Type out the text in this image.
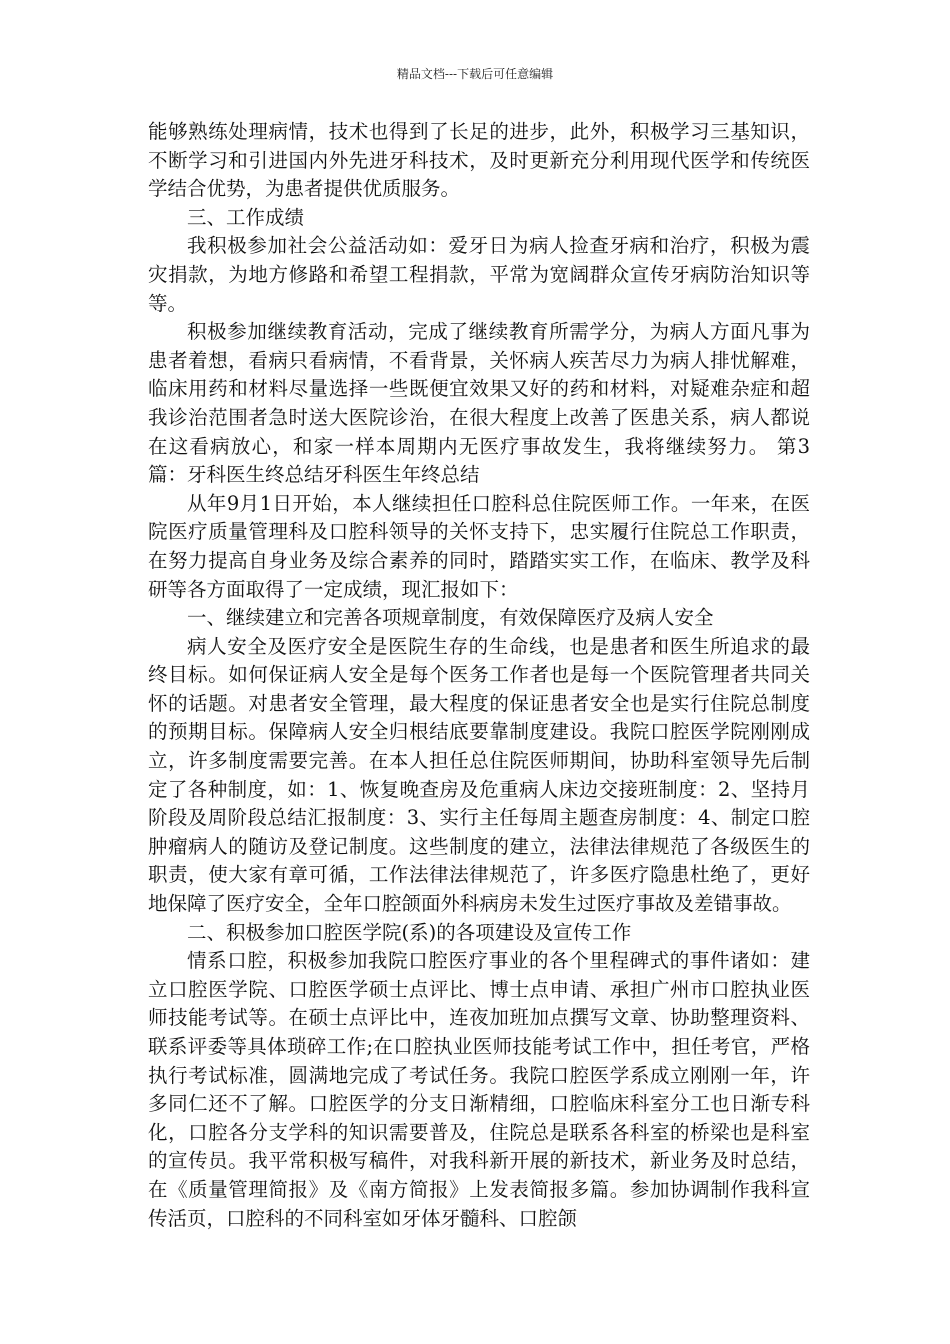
精品文档---下载后可任意编辑

能够熟练处理病情，技术也得到了长足的进步，此外，积极学习三基知识，不断学习和引进国内外先进牙科技术，及时更新充分利用现代医学和传统医学结合优势，为患者提供优质服务。

三、工作成绩

我积极参加社会公益活动如：爱牙日为病人捡查牙病和治疗，积极为震灾捐款，为地方修路和希望工程捐款，平常为宽阔群众宣传牙病防治知识等等。

积极参加继续教育活动，完成了继续教育所需学分，为病人方面凡事为患者着想，看病只看病情，不看背景，关怀病人疾苦尽力为病人排忧解难，临床用药和材料尽量选择一些既便宜效果又好的药和材料，对疑难杂症和超我诊治范围者急时送大医院诊治，在很大程度上改善了医患关系，病人都说在这看病放心，和家一样本周期内无医疗事故发生，我将继续努力。 第3篇：牙科医生终总结牙科医生年终总结

从年9月1日开始，本人继续担任口腔科总住院医师工作。一年来，在医院医疗质量管理科及口腔科领导的关怀支持下，忠实履行住院总工作职责，在努力提高自身业务及综合素养的同时，踏踏实实工作，在临床、教学及科研等各方面取得了一定成绩，现汇报如下：

一、继续建立和完善各项规章制度，有效保障医疗及病人安全

病人安全及医疗安全是医院生存的生命线，也是患者和医生所追求的最终目标。如何保证病人安全是每个医务工作者也是每一个医院管理者共同关怀的话题。对患者安全管理，最大程度的保证患者安全也是实行住院总制度的预期目标。保障病人安全归根结底要靠制度建设。我院口腔医学院刚刚成立，许多制度需要完善。在本人担任总住院医师期间，协助科室领导先后制定了各种制度，如：1、恢复晚查房及危重病人床边交接班制度：2、坚持月阶段及周阶段总结汇报制度：3、实行主任每周主题查房制度：4、制定口腔肿瘤病人的随访及登记制度。这些制度的建立，法律法律规范了各级医生的职责，使大家有章可循，工作法律法律规范了，许多医疗隐患杜绝了，更好地保障了医疗安全，全年口腔颌面外科病房未发生过医疗事故及差错事故。

二、积极参加口腔医学院(系)的各项建设及宣传工作

情系口腔，积极参加我院口腔医疗事业的各个里程碑式的事件诸如：建立口腔医学院、口腔医学硕士点评比、博士点申请、承担广州市口腔执业医师技能考试等。在硕士点评比中，连夜加班加点撰写文章、协助整理资料、联系评委等具体琐碎工作;在口腔执业医师技能考试工作中，担任考官，严格执行考试标准，圆满地完成了考试任务。我院口腔医学系成立刚刚一年，许多同仁还不了解。口腔医学的分支日渐精细，口腔临床科室分工也日渐专科化，口腔各分支学科的知识需要普及，住院总是联系各科室的桥梁也是科室的宣传员。我平常积极写稿件，对我科新开展的新技术，新业务及时总结，在《质量管理简报》及《南方简报》上发表简报多篇。参加协调制作我科宣传活页，口腔科的不同科室如牙体牙髓科、口腔颌
